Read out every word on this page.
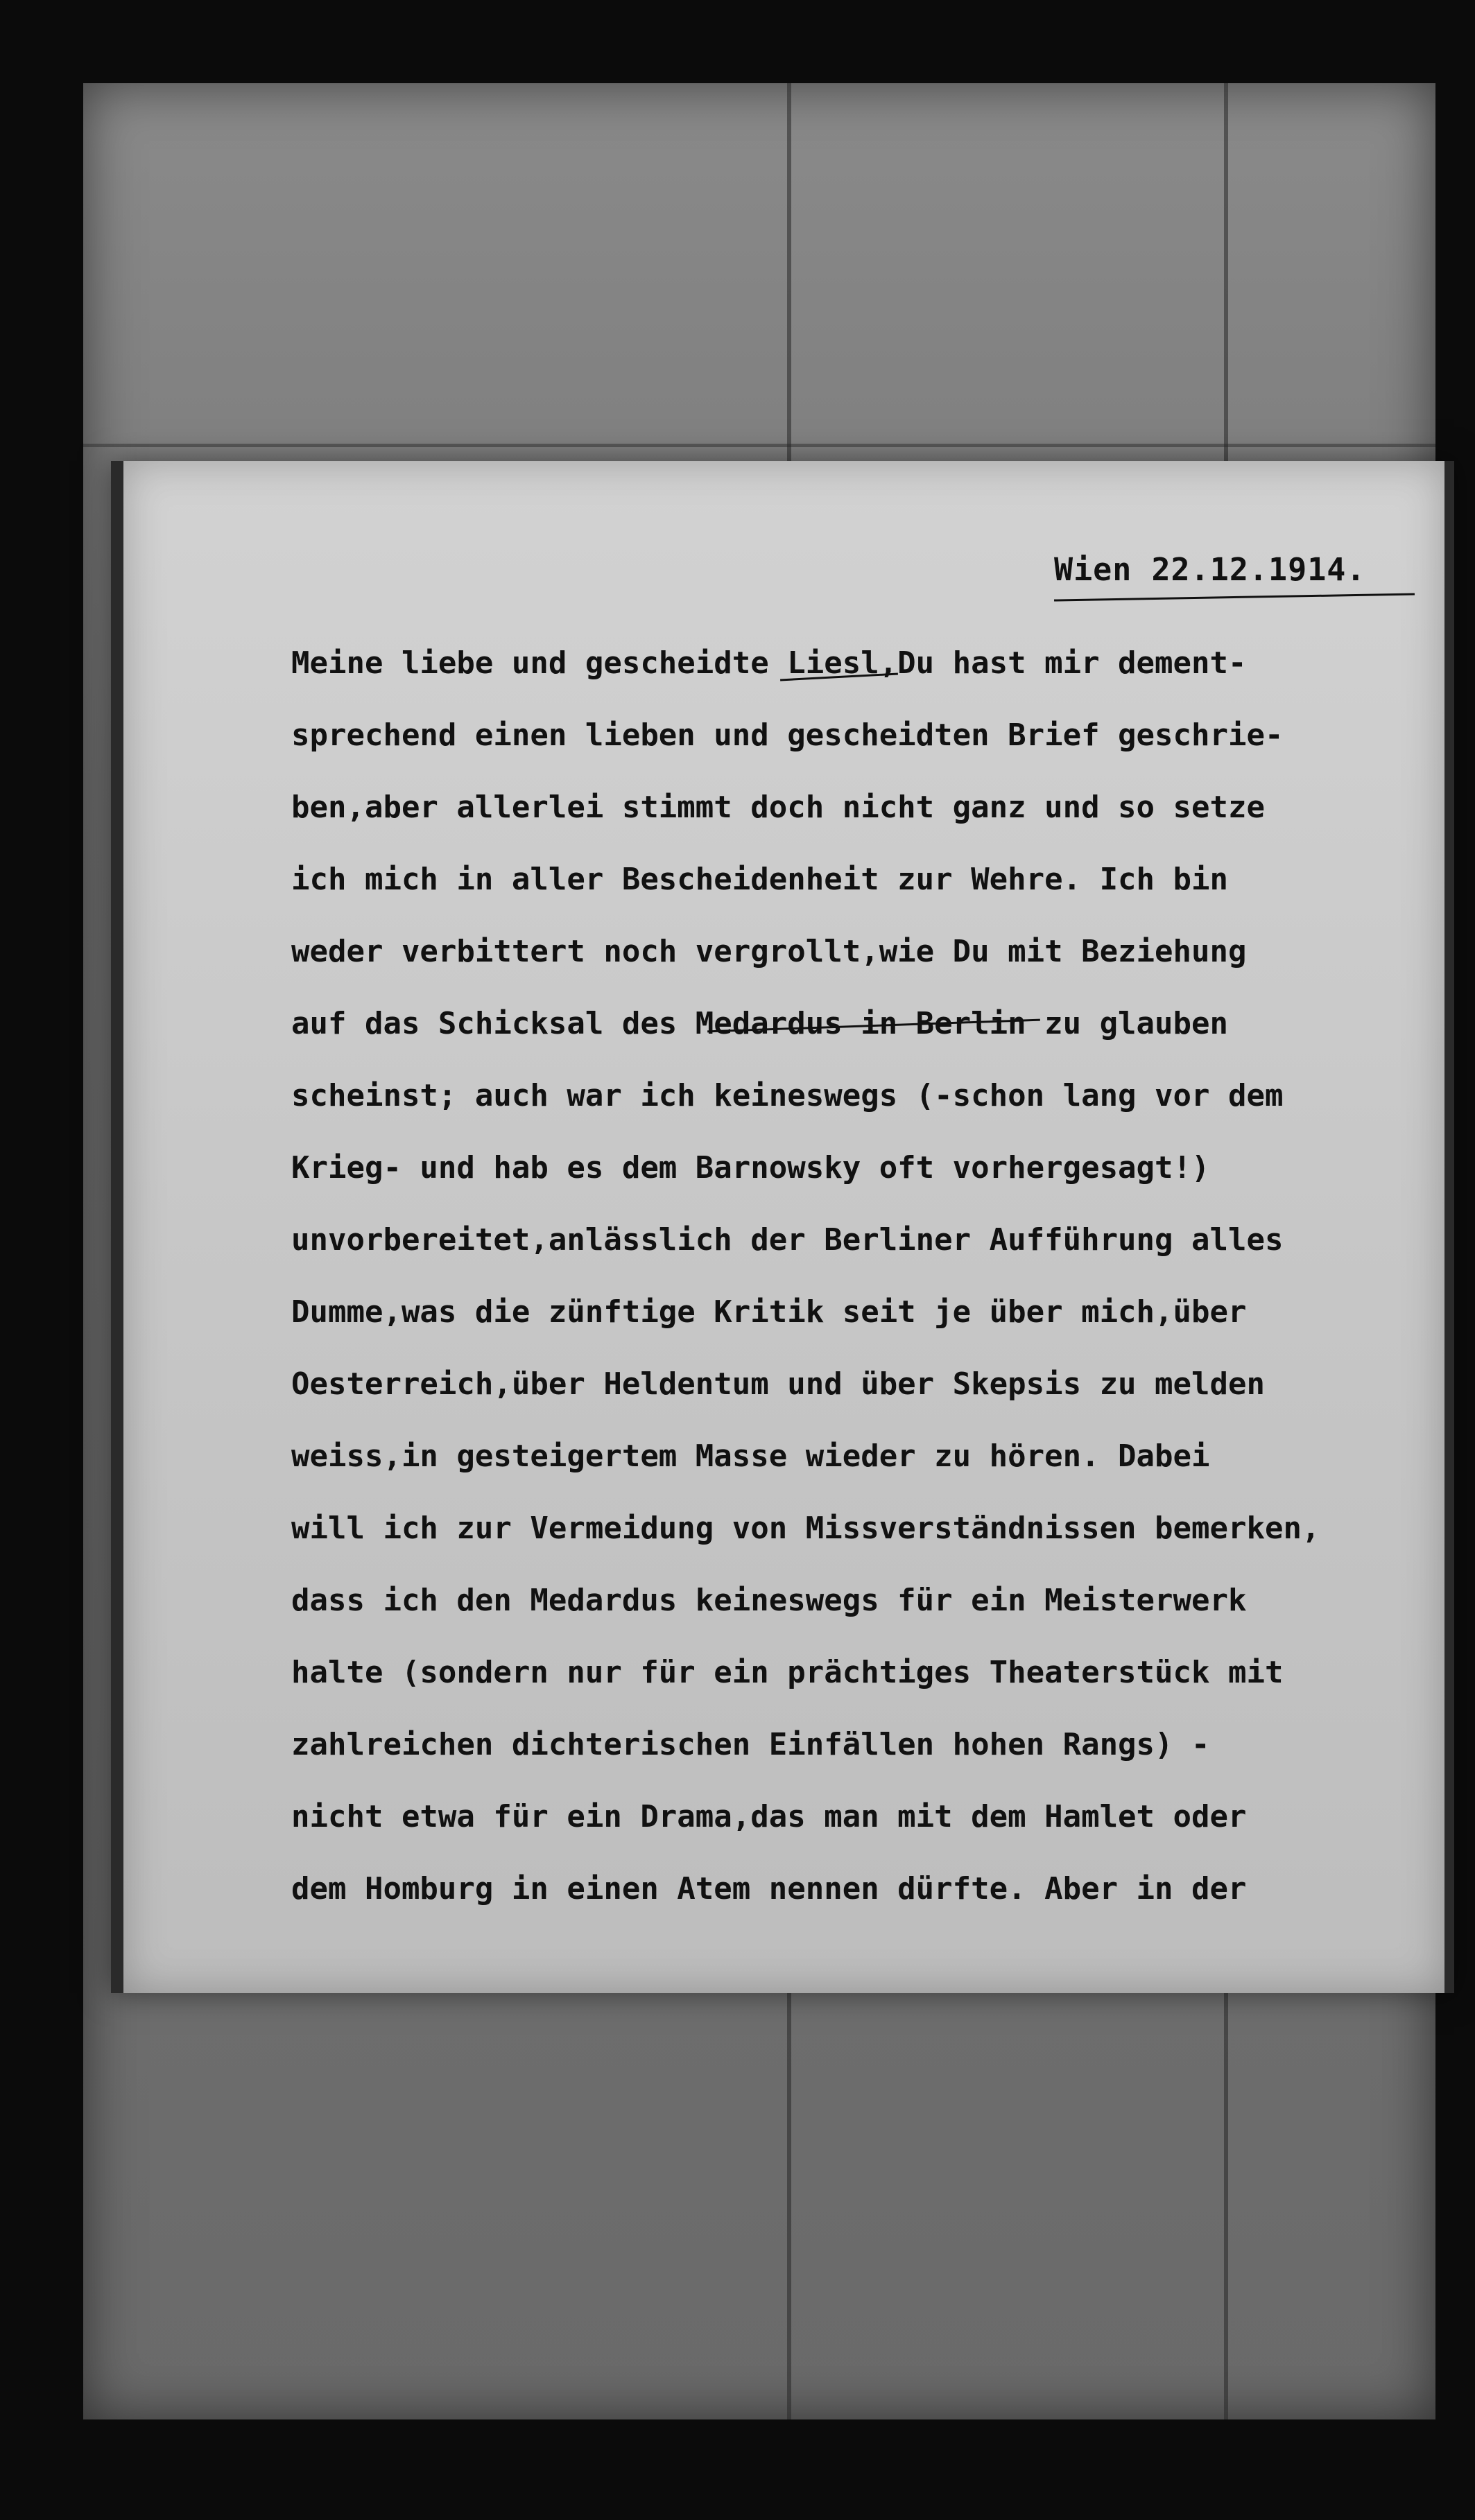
Wien 22.12.1914.
Meine liebe und gescheidte Liesl,Du hast mir dement-
sprechend einen lieben und gescheidten Brief geschrie-
ben,aber allerlei stimmt doch nicht ganz und so setze
ich mich in aller Bescheidenheit zur Wehre. Ich bin
weder verbittert noch vergrollt,wie Du mit Beziehung
auf das Schicksal des Medardus in Berlin zu glauben
scheinst; auch war ich keineswegs (-schon lang vor dem
Krieg- und hab es dem Barnowsky oft vorhergesagt!)
unvorbereitet,anlässlich der Berliner Aufführung alles
Dumme,was die zünftige Kritik seit je über mich,über
Oesterreich,über Heldentum und über Skepsis zu melden
weiss,in gesteigertem Masse wieder zu hören. Dabei
will ich zur Vermeidung von Missverständnissen bemerken,
dass ich den Medardus keineswegs für ein Meisterwerk
halte (sondern nur für ein prächtiges Theaterstück mit
zahlreichen dichterischen Einfällen hohen Rangs) -
nicht etwa für ein Drama,das man mit dem Hamlet oder
dem Homburg in einen Atem nennen dürfte. Aber in der
